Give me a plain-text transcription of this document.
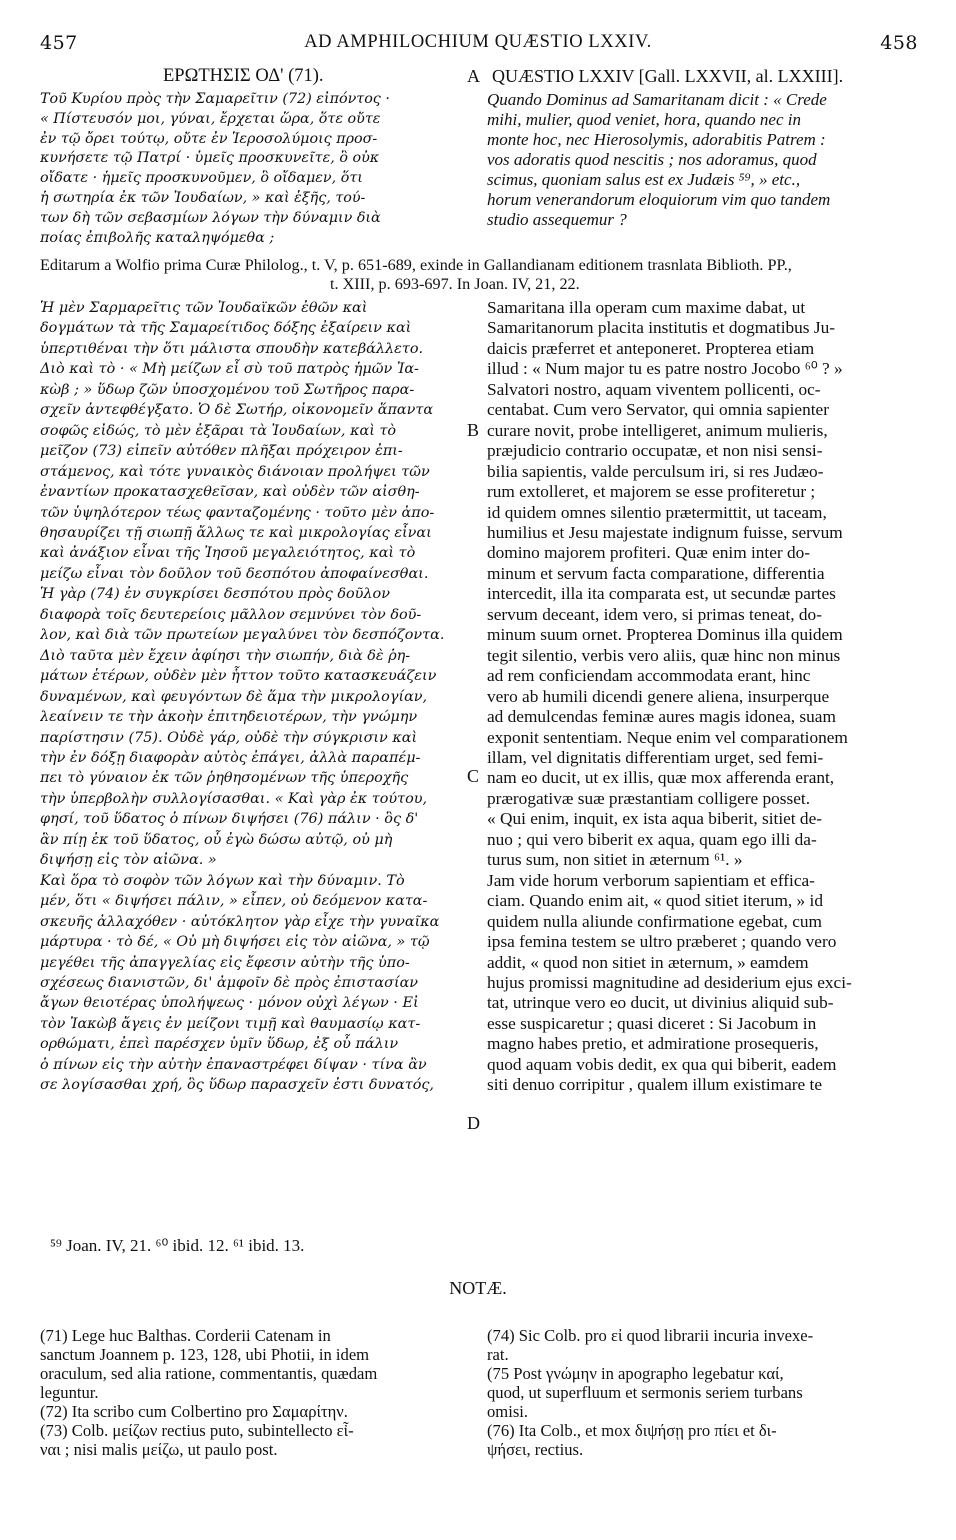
457	AD AMPHILOCHIUM QUÆSTIO LXXIV.	458
ΕΡΩΤΗΣΙΣ ΟΔ' (71).	QUÆSTIO LXXIV [Gall. LXXVII, al. LXXIII].
A
B
C
D
Τοῦ Κυρίου πρὸς τὴν Σαμαρεῖτιν (72) εἰπόντος ·
« Πίστευσόν μοι, γύναι, ἔρχεται ὥρα, ὅτε οὔτε
ἐν τῷ ὄρει τούτῳ, οὔτε ἐν Ἱεροσολύμοις προσ-
κυνήσετε τῷ Πατρί · ὑμεῖς προσκυνεῖτε, ὃ οὐκ
οἴδατε · ἡμεῖς προσκυνοῦμεν, ὃ οἴδαμεν, ὅτι
ἡ σωτηρία ἐκ τῶν Ἰουδαίων, » καὶ ἑξῆς, τού-
των δὴ τῶν σεβασμίων λόγων τὴν δύναμιν διὰ
ποίας ἐπιβολῆς καταληψόμεθα ;
Quando Dominus ad Samaritanam dicit : « Crede
mihi, mulier, quod veniet, hora, quando nec in
monte hoc, nec Hierosolymis, adorabitis Patrem :
vos adoratis quod nescitis ; nos adoramus, quod
scimus, quoniam salus est ex Judæis ⁵⁹, » etc.,
horum venerandorum eloquiorum vim quo tandem
studio assequemur ?
Editarum a Wolfio prima Curæ Philolog., t. V, p. 651-689, exinde in Gallandianam editionem trasnlata Biblioth. PP.,
t. XIII, p. 693-697. In Joan. IV, 21, 22.
Ἡ μὲν Σαρμαρεῖτις τῶν Ἰουδαϊκῶν ἐθῶν καὶ
δογμάτων τὰ τῆς Σαμαρείτιδος δόξης ἐξαίρειν καὶ
ὑπερτιθέναι τὴν ὅτι μάλιστα σπουδὴν κατεβάλλετο.
Διὸ καὶ τὸ · « Μὴ μείζων εἶ σὺ τοῦ πατρὸς ἡμῶν Ἰα-
κὼβ ; » ὕδωρ ζῶν ὑποσχομένου τοῦ Σωτῆρος παρα-
σχεῖν ἀντεφθέγξατο. Ὁ δὲ Σωτήρ, οἰκονομεῖν ἅπαντα
σοφῶς εἰδώς, τὸ μὲν ἐξᾶραι τὰ Ἰουδαίων, καὶ τὸ
μεῖζον (73) εἰπεῖν αὐτόθεν πλῆξαι πρόχειρον ἐπι-
στάμενος, καὶ τότε γυναικὸς διάνοιαν προλήψει τῶν
ἐναντίων προκατασχεθεῖσαν, καὶ οὐδὲν τῶν αἰσθη-
τῶν ὑψηλότερον τέως φανταζομένης · τοῦτο μὲν ἀπο-
θησαυρίζει τῇ σιωπῇ ἄλλως τε καὶ μικρολογίας εἶναι
καὶ ἀνάξιον εἶναι τῆς Ἰησοῦ μεγαλειότητος, καὶ τὸ
μείζω εἶναι τὸν δοῦλον τοῦ δεσπότου ἀποφαίνεσθαι.
Ἡ γὰρ (74) ἐν συγκρίσει δεσπότου πρὸς δοῦλον
διαφορὰ τοῖς δευτερείοις μᾶλλον σεμνύνει τὸν δοῦ-
λον, καὶ διὰ τῶν πρωτείων μεγαλύνει τὸν δεσπόζοντα.
Διὸ ταῦτα μὲν ἔχειν ἀφίησι τὴν σιωπήν, διὰ δὲ ῥη-
μάτων ἑτέρων, οὐδὲν μὲν ἧττον τοῦτο κατασκευάζειν
δυναμένων, καὶ φευγόντων δὲ ἅμα τὴν μικρολογίαν,
λεαίνειν τε τὴν ἀκοὴν ἐπιτηδειοτέρων, τὴν γνώμην
παρίστησιν (75). Οὐδὲ γάρ, οὐδὲ τὴν σύγκρισιν καὶ
τὴν ἐν δόξῃ διαφορὰν αὐτὸς ἐπάγει, ἀλλὰ παραπέμ-
πει τὸ γύναιον ἐκ τῶν ῥηθησομένων τῆς ὑπεροχῆς
τὴν ὑπερβολὴν συλλογίσασθαι. « Καὶ γὰρ ἐκ τούτου,
φησί, τοῦ ὕδατος ὁ πίνων διψήσει (76) πάλιν · ὃς δ'
ἂν πίῃ ἐκ τοῦ ὕδατος, οὗ ἐγὼ δώσω αὐτῷ, οὐ μὴ
διψήσῃ εἰς τὸν αἰῶνα. »
Καὶ ὅρα τὸ σοφὸν τῶν λόγων καὶ τὴν δύναμιν. Τὸ
μέν, ὅτι « διψήσει πάλιν, » εἶπεν, οὐ δεόμενον κατα-
σκευῆς ἀλλαχόθεν · αὐτόκλητον γὰρ εἶχε τὴν γυναῖκα
μάρτυρα · τὸ δέ, « Οὐ μὴ διψήσει εἰς τὸν αἰῶνα, » τῷ
μεγέθει τῆς ἀπαγγελίας εἰς ἔφεσιν αὐτὴν τῆς ὑπο-
σχέσεως διανιστῶν, δι' ἀμφοῖν δὲ πρὸς ἐπιστασίαν
ἄγων θειοτέρας ὑπολήψεως · μόνον οὐχὶ λέγων · Εἰ
τὸν Ἰακὼβ ἄγεις ἐν μείζονι τιμῇ καὶ θαυμασίῳ κατ-
ορθώματι, ἐπεὶ παρέσχεν ὑμῖν ὕδωρ, ἐξ οὗ πάλιν
ὁ πίνων εἰς τὴν αὐτὴν ἐπαναστρέφει δίψαν · τίνα ἂν
σε λογίσασθαι χρή, ὃς ὕδωρ παρασχεῖν ἐστι δυνατός,
Samaritana illa operam cum maxime dabat, ut
Samaritanorum placita institutis et dogmatibus Ju-
daicis præferret et anteponeret. Propterea etiam
illud : « Num major tu es patre nostro Jocobo ⁶⁰ ? »
Salvatori nostro, aquam viventem pollicenti, oc-
centabat. Cum vero Servator, qui omnia sapienter
curare novit, probe intelligeret, animum mulieris,
præjudicio contrario occupatæ, et non nisi sensi-
bilia sapientis, valde perculsum iri, si res Judæo-
rum extolleret, et majorem se esse profiteretur ;
id quidem omnes silentio prætermittit, ut taceam,
humilius et Jesu majestate indignum fuisse, servum
domino majorem profiteri. Quæ enim inter do-
minum et servum facta comparatione, differentia
intercedit, illa ita comparata est, ut secundæ partes
servum deceant, idem vero, si primas teneat, do-
minum suum ornet. Propterea Dominus illa quidem
tegit silentio, verbis vero aliis, quæ hinc non minus
ad rem conficiendam accommodata erant, hinc
vero ab humili dicendi genere aliena, insurperque
ad demulcendas feminæ aures magis idonea, suam
exponit sententiam. Neque enim vel comparationem
illam, vel dignitatis differentiam urget, sed femi-
nam eo ducit, ut ex illis, quæ mox afferenda erant,
prærogativæ suæ præstantiam colligere posset.
« Qui enim, inquit, ex ista aqua biberit, sitiet de-
nuo ; qui vero biberit ex aqua, quam ego illi da-
turus sum, non sitiet in æternum ⁶¹. »
Jam vide horum verborum sapientiam et effica-
ciam. Quando enim ait, « quod sitiet iterum, » id
quidem nulla aliunde confirmatione egebat, cum
ipsa femina testem se ultro præberet ; quando vero
addit, « quod non sitiet in æternum, » eamdem
hujus promissi magnitudine ad desiderium ejus exci-
tat, utrinque vero eo ducit, ut divinius aliquid sub-
esse suspicaretur ; quasi diceret : Si Jacobum in
magno habes pretio, et admiratione prosequeris,
quod aquam vobis dedit, ex qua qui biberit, eadem
siti denuo corripitur , qualem illum existimare te
⁵⁹ Joan. IV, 21. ⁶⁰ ibid. 12. ⁶¹ ibid. 13.
NOTÆ.
(71) Lege huc Balthas. Corderii Catenam in
sanctum Joannem p. 123, 128, ubi Photii, in idem
oraculum, sed alia ratione, commentantis, quædam
leguntur.
(72) Ita scribo cum Colbertino pro Σαμαρίτην.
(73) Colb. μείζων rectius puto, subintellecto εἶ-
ναι ; nisi malis μείζω, ut paulo post.
(74) Sic Colb. pro εἰ quod librarii incuria invexe-
rat.
(75 Post γνώμην in apographo legebatur καί,
quod, ut superfluum et sermonis seriem turbans
omisi.
(76) Ita Colb., et mox διψήσῃ pro πίει et δι-
ψήσει, rectius.
